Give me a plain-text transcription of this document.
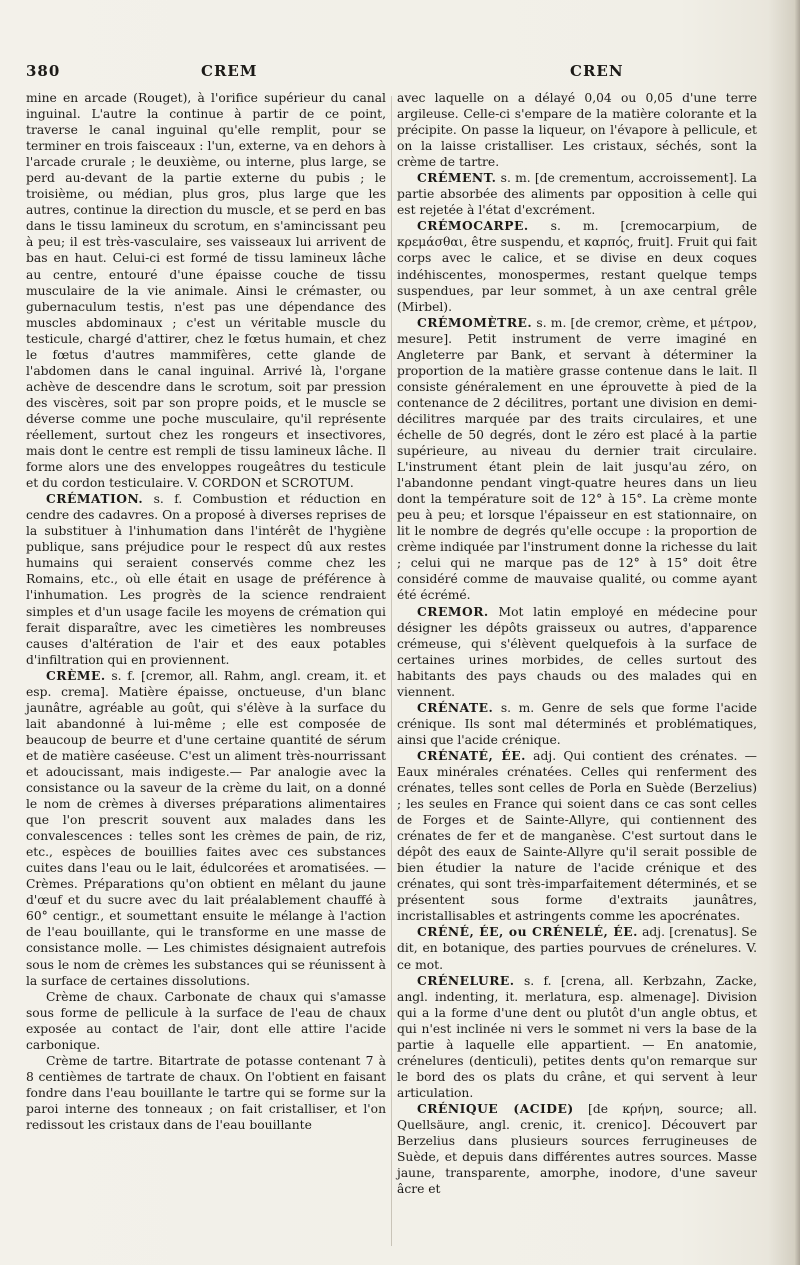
380	CREM	CREN

mine en arcade (Rouget), à l'orifice supérieur du canal inguinal. L'autre la continue à partir de ce point, traverse le canal inguinal qu'elle remplit, pour se terminer en trois faisceaux : l'un, externe, va en dehors à l'arcade crurale ; le deuxième, ou interne, plus large, se perd au-devant de la partie externe du pubis ; le troisième, ou médian, plus gros, plus large que les autres, continue la direction du muscle, et se perd en bas dans le tissu lamineux du scrotum, en s'amincissant peu à peu; il est très-vasculaire, ses vaisseaux lui arrivent de bas en haut. Celui-ci est formé de tissu lamineux lâche au centre, entouré d'une épaisse couche de tissu musculaire de la vie animale. Ainsi le crémaster, ou gubernaculum testis, n'est pas une dépendance des muscles abdominaux ; c'est un véritable muscle du testicule, chargé d'attirer, chez le fœtus humain, et chez le fœtus d'autres mammifères, cette glande de l'abdomen dans le canal inguinal. Arrivé là, l'organe achève de descendre dans le scrotum, soit par pression des viscères, soit par son propre poids, et le muscle se déverse comme une poche musculaire, qu'il représente réellement, surtout chez les rongeurs et insectivores, mais dont le centre est rempli de tissu lamineux lâche. Il forme alors une des enveloppes rougeâtres du testicule et du cordon testiculaire. V. CORDON et SCROTUM.

CRÉMATION. s. f. Combustion et réduction en cendre des cadavres. On a proposé à diverses reprises de la substituer à l'inhumation dans l'intérêt de l'hygiène publique, sans préjudice pour le respect dû aux restes humains qui seraient conservés comme chez les Romains, etc., où elle était en usage de préférence à l'inhumation. Les progrès de la science rendraient simples et d'un usage facile les moyens de crémation qui ferait disparaître, avec les cimetières les nombreuses causes d'altération de l'air et des eaux potables d'infiltration qui en proviennent.

CRÈME. s. f. [cremor, all. Rahm, angl. cream, it. et esp. crema]. Matière épaisse, onctueuse, d'un blanc jaunâtre, agréable au goût, qui s'élève à la surface du lait abandonné à lui-même ; elle est composée de beaucoup de beurre et d'une certaine quantité de sérum et de matière caséeuse. C'est un aliment très-nourrissant et adoucissant, mais indigeste.— Par analogie avec la consistance ou la saveur de la crème du lait, on a donné le nom de crèmes à diverses préparations alimentaires que l'on prescrit souvent aux malades dans les convalescences : telles sont les crèmes de pain, de riz, etc., espèces de bouillies faites avec ces substances cuites dans l'eau ou le lait, édulcorées et aromatisées. — Crèmes. Préparations qu'on obtient en mêlant du jaune d'œuf et du sucre avec du lait préalablement chauffé à 60° centigr., et soumettant ensuite le mélange à l'action de l'eau bouillante, qui le transforme en une masse de consistance molle. — Les chimistes désignaient autrefois sous le nom de crèmes les substances qui se réunissent à la surface de certaines dissolutions.

Crème de chaux. Carbonate de chaux qui s'amasse sous forme de pellicule à la surface de l'eau de chaux exposée au contact de l'air, dont elle attire l'acide carbonique.

Crème de tartre. Bitartrate de potasse contenant 7 à 8 centièmes de tartrate de chaux. On l'obtient en faisant fondre dans l'eau bouillante le tartre qui se forme sur la paroi interne des tonneaux ; on fait cristalliser, et l'on redissout les cristaux dans de l'eau bouillante

avec laquelle on a délayé 0,04 ou 0,05 d'une terre argileuse. Celle-ci s'empare de la matière colorante et la précipite. On passe la liqueur, on l'évapore à pellicule, et on la laisse cristalliser. Les cristaux, séchés, sont la crème de tartre.

CRÉMENT. s. m. [de crementum, accroissement]. La partie absorbée des aliments par opposition à celle qui est rejetée à l'état d'excrément.

CRÉMOCARPE. s. m. [cremocarpium, de κρεμάσθαι, être suspendu, et καρπός, fruit]. Fruit qui fait corps avec le calice, et se divise en deux coques indéhiscentes, monospermes, restant quelque temps suspendues, par leur sommet, à un axe central grêle (Mirbel).

CRÉMOMÈTRE. s. m. [de cremor, crème, et μέτρον, mesure]. Petit instrument de verre imaginé en Angleterre par Bank, et servant à déterminer la proportion de la matière grasse contenue dans le lait. Il consiste généralement en une éprouvette à pied de la contenance de 2 décilitres, portant une division en demi-décilitres marquée par des traits circulaires, et une échelle de 50 degrés, dont le zéro est placé à la partie supérieure, au niveau du dernier trait circulaire. L'instrument étant plein de lait jusqu'au zéro, on l'abandonne pendant vingt-quatre heures dans un lieu dont la température soit de 12° à 15°. La crème monte peu à peu; et lorsque l'épaisseur en est stationnaire, on lit le nombre de degrés qu'elle occupe : la proportion de crème indiquée par l'instrument donne la richesse du lait ; celui qui ne marque pas de 12° à 15° doit être considéré comme de mauvaise qualité, ou comme ayant été écrémé.

CREMOR. Mot latin employé en médecine pour désigner les dépôts graisseux ou autres, d'apparence crémeuse, qui s'élèvent quelquefois à la surface de certaines urines morbides, de celles surtout des habitants des pays chauds ou des malades qui en viennent.

CRÉNATE. s. m. Genre de sels que forme l'acide crénique. Ils sont mal déterminés et problématiques, ainsi que l'acide crénique.

CRÉNATÉ, ÉE. adj. Qui contient des crénates. — Eaux minérales crénatées. Celles qui renferment des crénates, telles sont celles de Porla en Suède (Berzelius) ; les seules en France qui soient dans ce cas sont celles de Forges et de Sainte-Allyre, qui contiennent des crénates de fer et de manganèse. C'est surtout dans le dépôt des eaux de Sainte-Allyre qu'il serait possible de bien étudier la nature de l'acide crénique et des crénates, qui sont très-imparfaitement déterminés, et se présentent sous forme d'extraits jaunâtres, incristallisables et astringents comme les apocrénates.

CRÉNÉ, ÉE, ou CRÉNELÉ, ÉE. adj. [crenatus]. Se dit, en botanique, des parties pourvues de crénelures. V. ce mot.

CRÉNELURE. s. f. [crena, all. Kerbzahn, Zacke, angl. indenting, it. merlatura, esp. almenage]. Division qui a la forme d'une dent ou plutôt d'un angle obtus, et qui n'est inclinée ni vers le sommet ni vers la base de la partie à laquelle elle appartient. — En anatomie, crénelures (denticuli), petites dents qu'on remarque sur le bord des os plats du crâne, et qui servent à leur articulation.

CRÉNIQUE (ACIDE) [de κρήνη, source; all. Quellsäure, angl. crenic, it. crenico]. Découvert par Berzelius dans plusieurs sources ferrugineuses de Suède, et depuis dans différentes autres sources. Masse jaune, transparente, amorphe, inodore, d'une saveur âcre et
